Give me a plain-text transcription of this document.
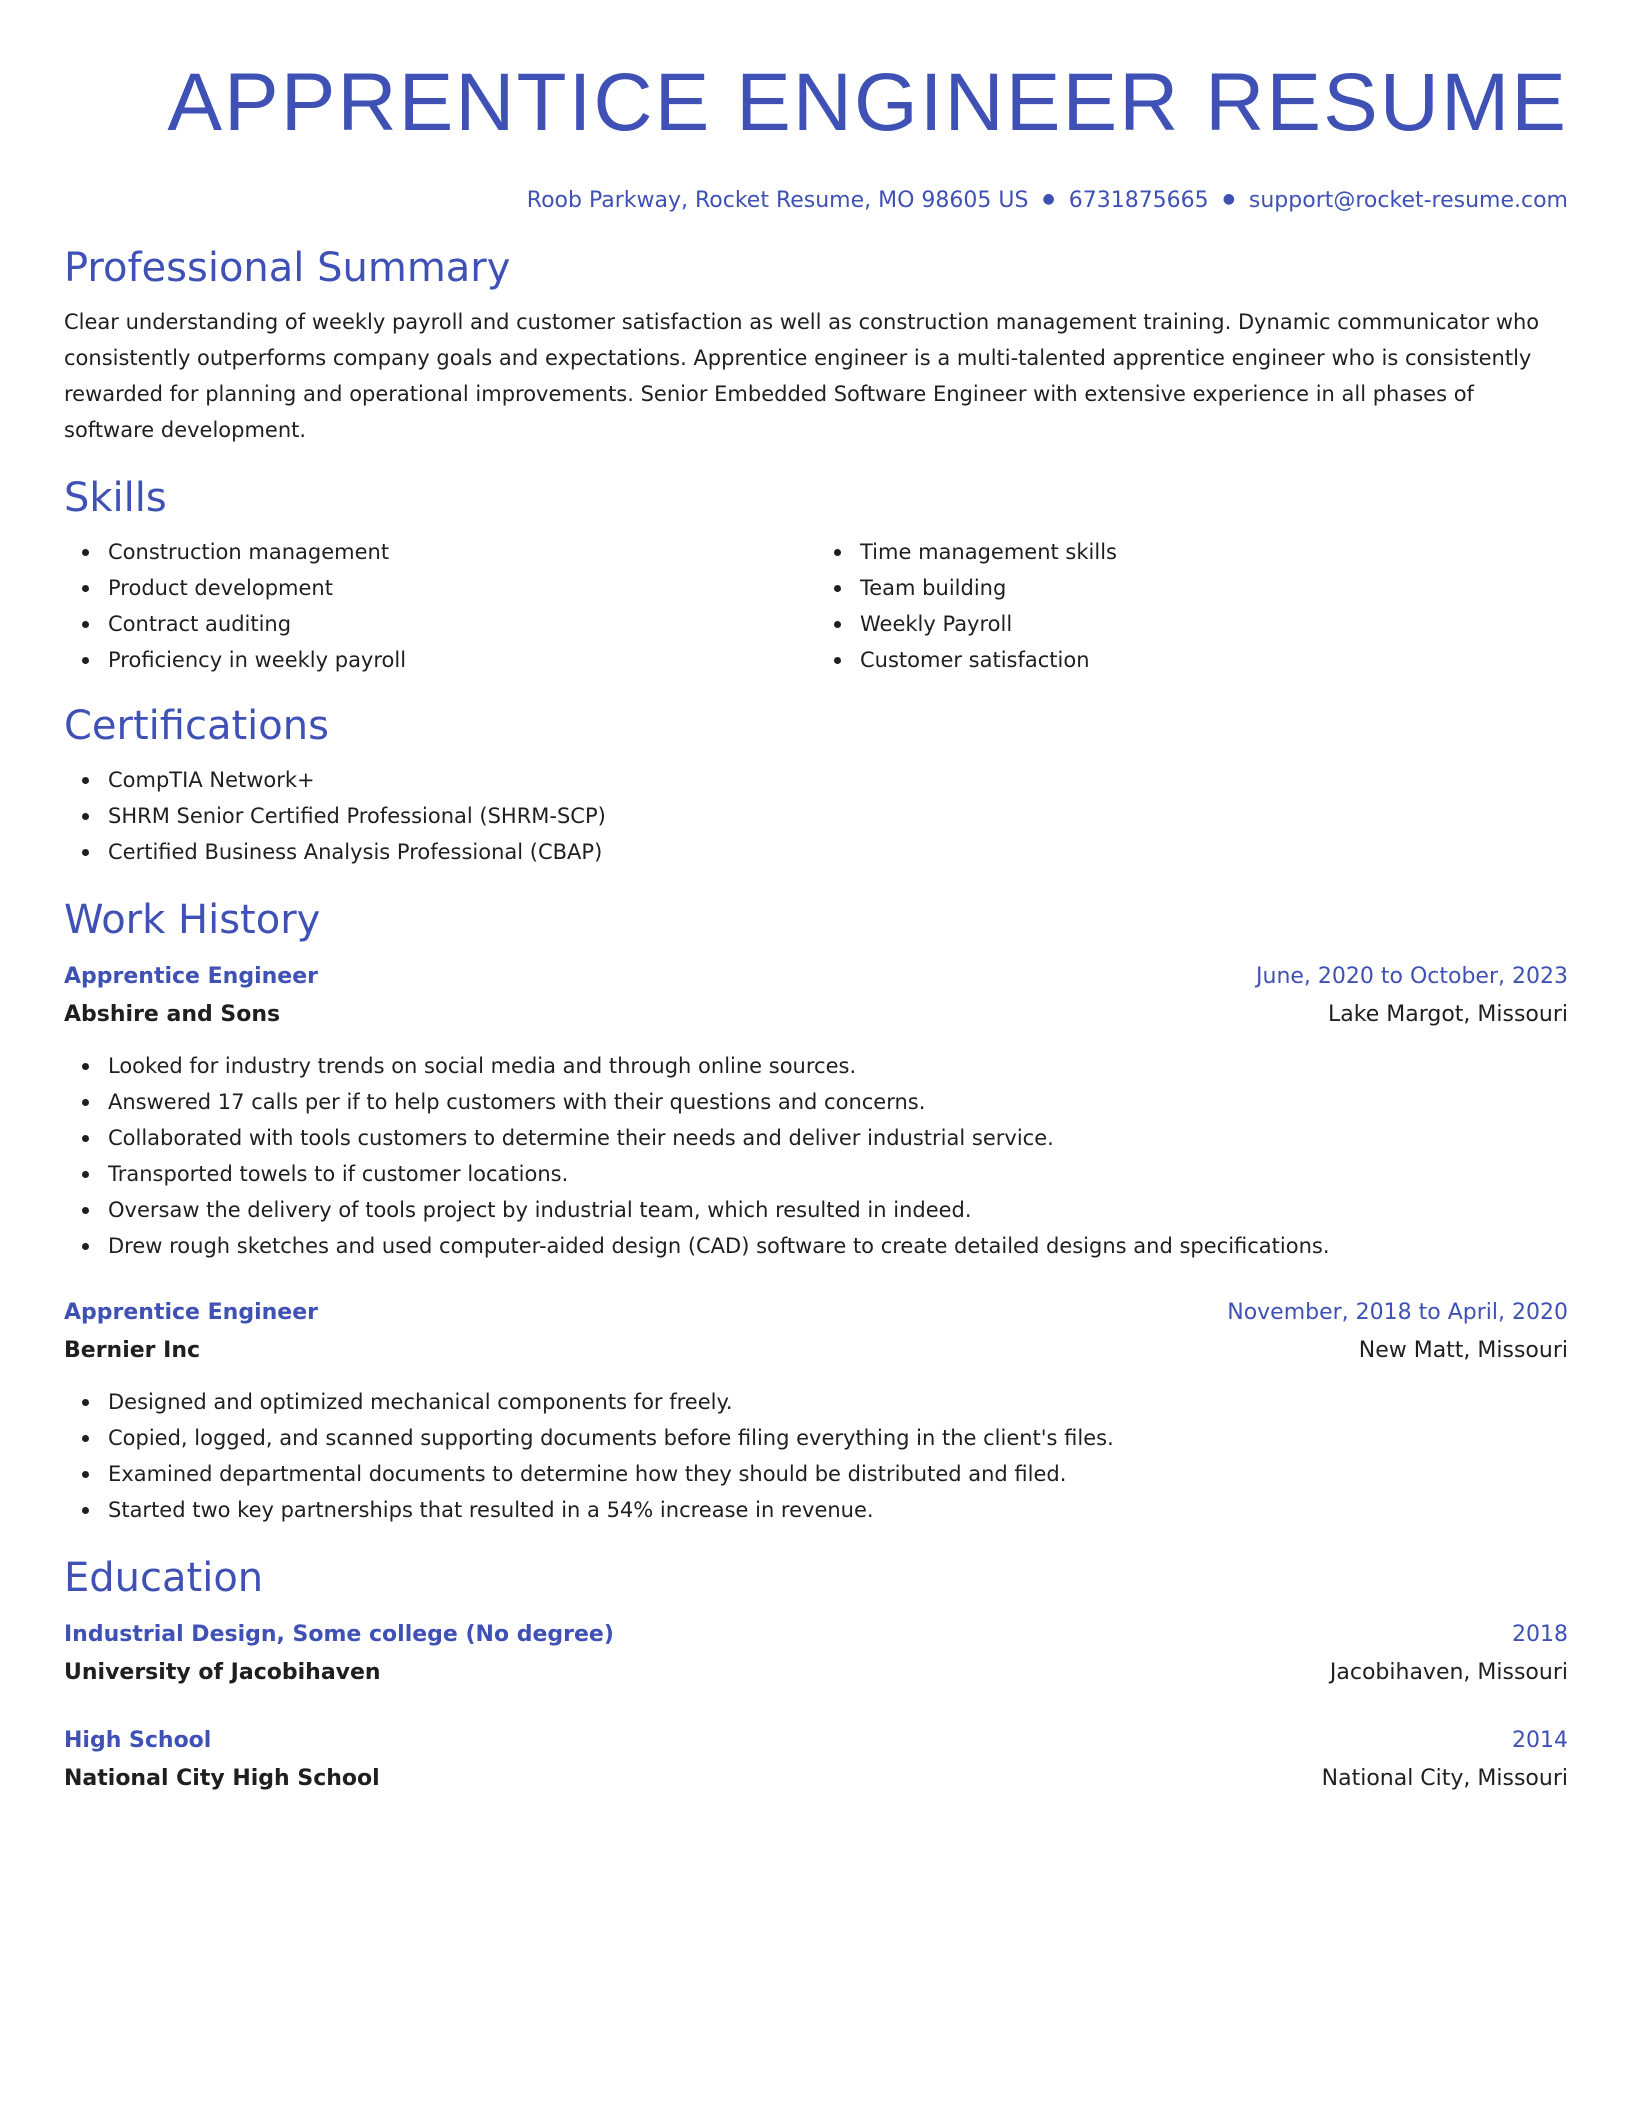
APPRENTICE ENGINEER RESUME
Roob Parkway, Rocket Resume, MO 98605 US ● 6731875665 ● support@rocket-resume.com
Professional Summary
Clear understanding of weekly payroll and customer satisfaction as well as construction management training. Dynamic communicator who consistently outperforms company goals and expectations. Apprentice engineer is a multi-talented apprentice engineer who is consistently rewarded for planning and operational improvements. Senior Embedded Software Engineer with extensive experience in all phases of software development.
Skills
Construction management
Product development
Contract auditing
Proficiency in weekly payroll
Time management skills
Team building
Weekly Payroll
Customer satisfaction
Certifications
CompTIA Network+
SHRM Senior Certified Professional (SHRM-SCP)
Certified Business Analysis Professional (CBAP)
Work History
Apprentice Engineer	June, 2020 to October, 2023
Abshire and Sons	Lake Margot, Missouri
Looked for industry trends on social media and through online sources.
Answered 17 calls per if to help customers with their questions and concerns.
Collaborated with tools customers to determine their needs and deliver industrial service.
Transported towels to if customer locations.
Oversaw the delivery of tools project by industrial team, which resulted in indeed.
Drew rough sketches and used computer-aided design (CAD) software to create detailed designs and specifications.
Apprentice Engineer	November, 2018 to April, 2020
Bernier Inc	New Matt, Missouri
Designed and optimized mechanical components for freely.
Copied, logged, and scanned supporting documents before filing everything in the client's files.
Examined departmental documents to determine how they should be distributed and filed.
Started two key partnerships that resulted in a 54% increase in revenue.
Education
Industrial Design, Some college (No degree)	2018
University of Jacobihaven	Jacobihaven, Missouri
High School	2014
National City High School	National City, Missouri
